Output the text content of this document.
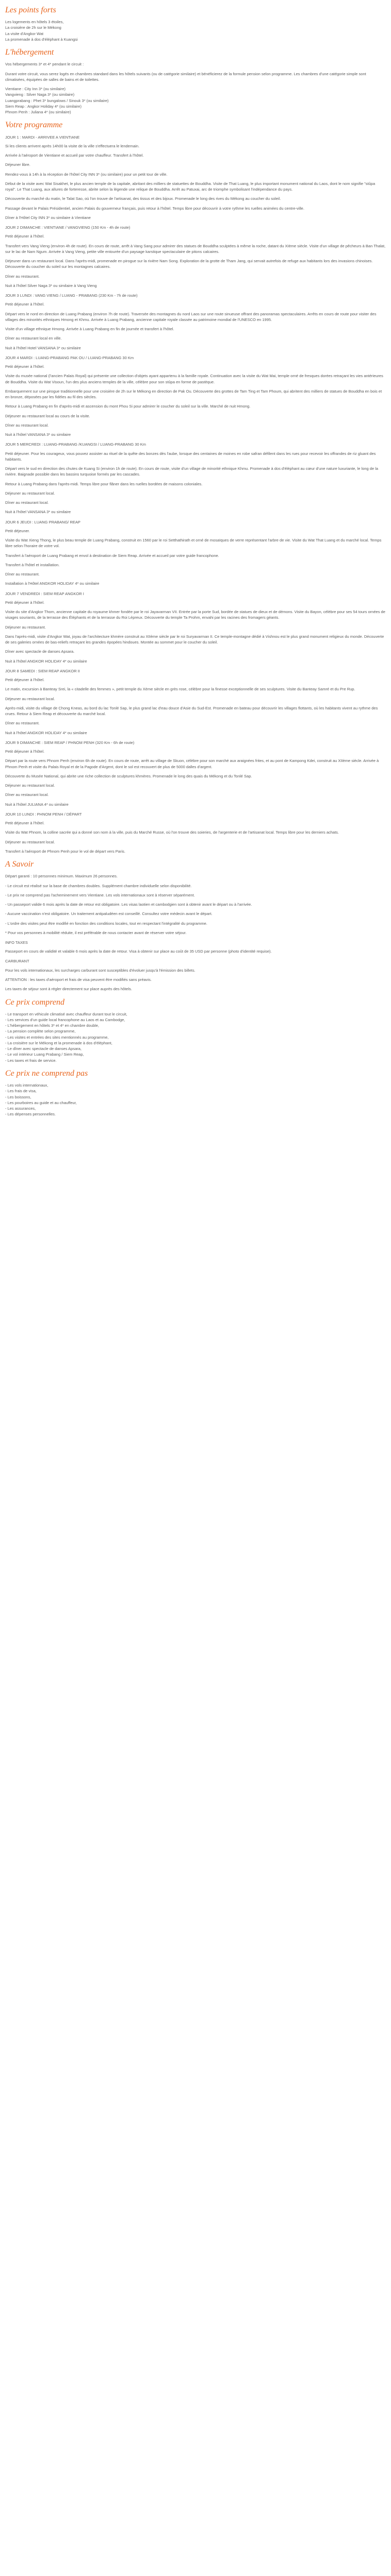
Les points forts

Les logements en hôtels 3 étoiles,

La croisière de 2h sur le Mékong

La visite d'Angkor Wat

La promenade à dos d'éléphant à Kuangsi

L'hébergement

Vos hébergements 3* et 4* pendant le circuit :

Durant votre circuit, vous serez logés en chambres standard dans les hôtels suivants (ou de catégorie similaire) et bénéficierez de la formule pension selon programme. Les chambres d'une catégorie simple sont climatisées, équipées de salles de bains et de toilettes.

Vientiane : City Inn 3* (ou similaire)

Vangvieng : Silver Naga 3* (ou similaire)

Luangprabang : Phet 3* bungalows / Sinouk 3* (ou similaire)

Siem Reap : Angkor Holiday 4* (ou similaire)

Phnom Penh : Juliana 4* (ou similaire)

Votre programme

JOUR 1 : MARDI - ARRIVEE A VIENTIANE

Si les clients arrivent après 14h00 la visite de la ville s'effectuera le lendemain.

Arrivée à l'aéroport de Vientiane et accueil par votre chauffeur. Transfert à l'hôtel.

Déjeuner libre.

Rendez-vous à 14h à la réception de l'hôtel City INN 3* (ou similaire) pour un petit tour de ville.

Début de la visite avec Wat Sisakhet, le plus ancien temple de la capitale, abritant des milliers de statuettes de Bouddha. Visite de That Luang, le plus important monument national du Laos, dont le nom signifie "stûpa royal". Le That Luang, aux allures de forteresse, abrite selon la légende une relique de Bouddha. Arrêt au Patuxai, arc de triomphe symbolisant l'indépendance du pays.

Découverte du marché du matin, le Talat Sao, où l'on trouve de l'artisanat, des tissus et des bijoux. Promenade le long des rives du Mékong au coucher du soleil.

Passage devant le Palais Présidentiel, ancien Palais du gouverneur français, puis retour à l'hôtel. Temps libre pour découvrir à votre rythme les ruelles animées du centre-ville.

Dîner à l'Hôtel City INN 3* ou similaire à Vientiane

JOUR 2 DIMANCHE : VIENTIANE / VANGVIENG (150 Km - 4h de route)

Petit déjeuner à l'hôtel.

Transfert vers Vang Vieng (environ 4h de route). En cours de route, arrêt à Vang Sang pour admirer des statues de Bouddha sculptées à même la roche, datant du XIème siècle. Visite d'un village de pêcheurs à Ban Thalat, sur le lac de Nam Ngum. Arrivée à Vang Vieng, petite ville entourée d'un paysage karstique spectaculaire de pitons calcaires.

Déjeuner dans un restaurant local. Dans l'après-midi, promenade en pirogue sur la rivière Nam Song. Exploration de la grotte de Tham Jang, qui servait autrefois de refuge aux habitants lors des invasions chinoises. Découverte du coucher du soleil sur les montagnes calcaires.

Dîner au restaurant.

Nuit à l'hôtel Silver Naga 3* ou similaire à Vang Vieng

JOUR 3 LUNDI : VANG VIENG / LUANG - PRABANG (230 Km - 7h de route)

Petit déjeuner à l'hôtel.

Départ vers le nord en direction de Luang Prabang (environ 7h de route). Traversée des montagnes du nord Laos sur une route sinueuse offrant des panoramas spectaculaires. Arrêts en cours de route pour visiter des villages des minorités ethniques Hmong et Khmu. Arrivée à Luang Prabang, ancienne capitale royale classée au patrimoine mondial de l'UNESCO en 1995.

Visite d'un village ethnique Hmong. Arrivée à Luang Prabang en fin de journée et transfert à l'hôtel.

Dîner au restaurant local en ville.

Nuit à l'hôtel Hotel VANSANA 3* ou similaire

JOUR 4 MARDI : LUANG-PRABANG PAK OU / LUANG-PRABANG 30 Km

Petit déjeuner à l'hôtel.

Visite du musée national (l'ancien Palais Royal) qui présente une collection d'objets ayant appartenu à la famille royale. Continuation avec la visite du Wat Mai, temple orné de fresques dorées retraçant les vies antérieures de Bouddha. Visite du Wat Visoun, l'un des plus anciens temples de la ville, célèbre pour son stûpa en forme de pastèque.

Embarquement sur une pirogue traditionnelle pour une croisière de 2h sur le Mékong en direction de Pak Ou. Découverte des grottes de Tam Ting et Tam Phoum, qui abritent des milliers de statues de Bouddha en bois et en bronze, déposées par les fidèles au fil des siècles.

Retour à Luang Prabang en fin d'après-midi et ascension du mont Phou Si pour admirer le coucher du soleil sur la ville. Marché de nuit Hmong.

Déjeuner au restaurant local au cours de la visite.

Dîner au restaurant local.

Nuit à l'hôtel VANSANA 3* ou similaire

JOUR 5 MERCREDI : LUANG-PRABANG /KUANGSI / LUANG-PRABANG 30 Km

Petit déjeuner. Pour les courageux, vous pouvez assister au rituel de la quête des bonzes dès l'aube, lorsque des centaines de moines en robe safran défilent dans les rues pour recevoir les offrandes de riz gluant des habitants.

Départ vers le sud en direction des chutes de Kuang Si (environ 1h de route). En cours de route, visite d'un village de minorité ethnique Khmu. Promenade à dos d'éléphant au cœur d'une nature luxuriante, le long de la rivière. Baignade possible dans les bassins turquoise formés par les cascades.

Retour à Luang Prabang dans l'après-midi. Temps libre pour flâner dans les ruelles bordées de maisons coloniales.

Déjeuner au restaurant local.

Dîner au restaurant local.

Nuit à l'hôtel VANSANA 3* ou similaire

JOUR 6 JEUDI : LUANG PRABANG/ REAP

Petit déjeuner.

Visite du Wat Xieng Thong, le plus beau temple de Luang Prabang, construit en 1560 par le roi Setthathirath et orné de mosaïques de verre représentant l'arbre de vie. Visite du Wat That Luang et du marché local. Temps libre selon l'horaire de votre vol.

Transfert à l'aéroport de Luang Prabang et envol à destination de Siem Reap. Arrivée et accueil par votre guide francophone.

Transfert à l'hôtel et installation.

Dîner au restaurant.

Installation à l'Hôtel ANGKOR HOLIDAY 4* ou similaire

JOUR 7 VENDREDI : SIEM REAP ANGKOR I

Petit déjeuner à l'hôtel.

Visite du site d'Angkor Thom, ancienne capitale du royaume khmer fondée par le roi Jayavarman VII. Entrée par la porte Sud, bordée de statues de dieux et de démons. Visite du Bayon, célèbre pour ses 54 tours ornées de visages souriants, de la terrasse des Éléphants et de la terrasse du Roi Lépreux. Découverte du temple Ta Prohm, envahi par les racines des fromagers géants.

Déjeuner au restaurant.

Dans l'après-midi, visite d'Angkor Wat, joyau de l'architecture khmère construit au XIIème siècle par le roi Suryavarman II. Ce temple-montagne dédié à Vishnou est le plus grand monument religieux du monde. Découverte de ses galeries ornées de bas-reliefs retraçant les grandes épopées hindoues. Montée au sommet pour le coucher du soleil.

Dîner avec spectacle de danses Apsara.

Nuit à l'hôtel ANGKOR HOLIDAY 4* ou similaire

JOUR 8 SAMEDI : SIEM REAP ANGKOR II

Petit déjeuner à l'hôtel.

Le matin, excursion à Banteay Srei, la « citadelle des femmes », petit temple du Xème siècle en grès rose, célèbre pour la finesse exceptionnelle de ses sculptures. Visite du Banteay Samré et du Pre Rup.

Déjeuner au restaurant local.

Après-midi, visite du village de Chong Kneas, au bord du lac Tonlé Sap, le plus grand lac d'eau douce d'Asie du Sud-Est. Promenade en bateau pour découvrir les villages flottants, où les habitants vivent au rythme des crues. Retour à Siem Reap et découverte du marché local.

Dîner au restaurant.

Nuit à l'hôtel ANGKOR HOLIDAY 4* ou similaire

JOUR 9 DIMANCHE : SIEM REAP / PHNOM PENH (320 Km - 6h de route)

Petit déjeuner à l'hôtel.

Départ par la route vers Phnom Penh (environ 6h de route). En cours de route, arrêt au village de Skuon, célèbre pour son marché aux araignées frites, et au pont de Kampong Kdei, construit au XIIème siècle. Arrivée à Phnom Penh et visite du Palais Royal et de la Pagode d'Argent, dont le sol est recouvert de plus de 5000 dalles d'argent.

Découverte du Musée National, qui abrite une riche collection de sculptures khmères. Promenade le long des quais du Mékong et du Tonlé Sap.

Déjeuner au restaurant local.

Dîner au restaurant local.

Nuit à l'hôtel JULIANA 4* ou similaire

JOUR 10 LUNDI : PHNOM PENH / DÉPART

Petit déjeuner à l'hôtel.

Visite du Wat Phnom, la colline sacrée qui a donné son nom à la ville, puis du Marché Russe, où l'on trouve des soieries, de l'argenterie et de l'artisanat local. Temps libre pour les derniers achats.

Déjeuner au restaurant local.

Transfert à l'aéroport de Phnom Penh pour le vol de départ vers Paris.

A Savoir

Départ garanti : 10 personnes minimum. Maximum 26 personnes.

- Le circuit est réalisé sur la base de chambres doubles. Supplément chambre individuelle selon disponibilité.

- Le prix ne comprend pas l'acheminement vers Vientiane. Les vols internationaux sont à réserver séparément.

- Un passeport valide 6 mois après la date de retour est obligatoire. Les visas laotien et cambodgien sont à obtenir avant le départ ou à l'arrivée.

- Aucune vaccination n'est obligatoire. Un traitement antipaludéen est conseillé. Consultez votre médecin avant le départ.

- L'ordre des visites peut être modifié en fonction des conditions locales, tout en respectant l'intégralité du programme.

* Pour vos personnes à mobilité réduite, il est préférable de nous contacter avant de réserver votre séjour.

INFO TAXES

Passeport en cours de validité et valable 6 mois après la date de retour. Visa à obtenir sur place au coût de 35 USD par personne (photo d'identité requise).

CARBURANT

Pour les vols internationaux, les surcharges carburant sont susceptibles d'évoluer jusqu'à l'émission des billets.

ATTENTION : les taxes d'aéroport et frais de visa peuvent être modifiés sans préavis.

Les taxes de séjour sont à régler directement sur place auprès des hôtels.

Ce prix comprend

- Le transport en véhicule climatisé avec chauffeur durant tout le circuit,

- Les services d'un guide local francophone au Laos et au Cambodge,

- L'hébergement en hôtels 3* et 4* en chambre double,

- La pension complète selon programme,

- Les visites et entrées des sites mentionnés au programme,

- La croisière sur le Mékong et la promenade à dos d'éléphant,

- Le dîner avec spectacle de danses Apsara,

- Le vol intérieur Luang Prabang / Siem Reap,

- Les taxes et frais de service.

Ce prix ne comprend pas

- Les vols internationaux,

- Les frais de visa,

- Les boissons,

- Les pourboires au guide et au chauffeur,

- Les assurances,

- Les dépenses personnelles.
